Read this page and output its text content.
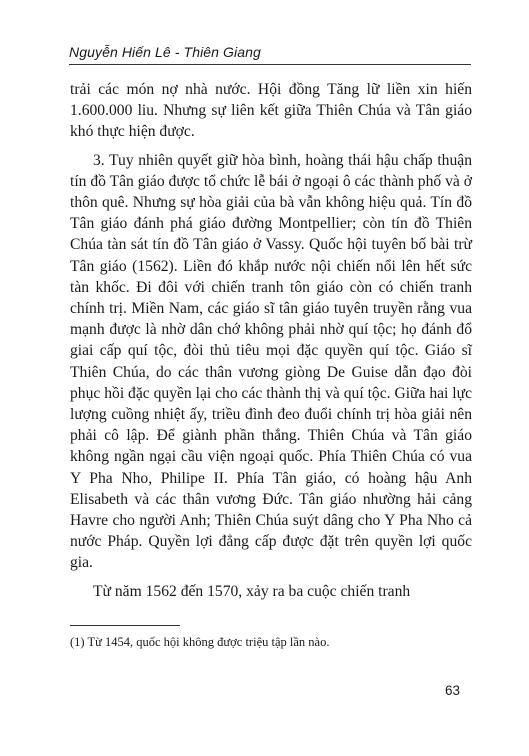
Nguyễn Hiến Lê - Thiên Giang

trải các món nợ nhà nước. Hội đồng Tăng lữ liền xin hiến 1.600.000 liu. Nhưng sự liên kết giữa Thiên Chúa và Tân giáo khó thực hiện được.

3. Tuy nhiên quyết giữ hòa bình, hoàng thái hậu chấp thuận tín đồ Tân giáo được tổ chức lễ bái ở ngoại ô các thành phố và ở thôn quê. Nhưng sự hòa giải của bà vẫn không hiệu quả. Tín đồ Tân giáo đánh phá giáo đường Montpellier; còn tín đồ Thiên Chúa tàn sát tín đồ Tân giáo ở Vassy. Quốc hội tuyên bố bài trừ Tân giáo (1562). Liền đó khắp nước nội chiến nổi lên hết sức tàn khốc. Đi đôi với chiến tranh tôn giáo còn có chiến tranh chính trị. Miền Nam, các giáo sĩ tân giáo tuyên truyền rằng vua mạnh được là nhờ dân chớ không phải nhờ quí tộc; họ đánh đổ giai cấp quí tộc, đòi thủ tiêu mọi đặc quyền quí tộc. Giáo sĩ Thiên Chúa, do các thân vương giòng De Guise dẫn đạo đòi phục hồi đặc quyền lại cho các thành thị và quí tộc. Giữa hai lực lượng cuồng nhiệt ấy, triều đình đeo đuổi chính trị hòa giải nên phải cô lập. Để giành phần thắng. Thiên Chúa và Tân giáo không ngần ngại cầu viện ngoại quốc. Phía Thiên Chúa có vua Y Pha Nho, Philipe II. Phía Tân giáo, có hoàng hậu Anh Elisabeth và các thân vương Đức. Tân giáo nhường hải cảng Havre cho người Anh; Thiên Chúa suýt dâng cho Y Pha Nho cả nước Pháp. Quyền lợi đẳng cấp được đặt trên quyền lợi quốc gia.

Từ năm 1562 đến 1570, xảy ra ba cuộc chiến tranh

(1) Từ 1454, quốc hội không được triệu tập lần nào.
63
